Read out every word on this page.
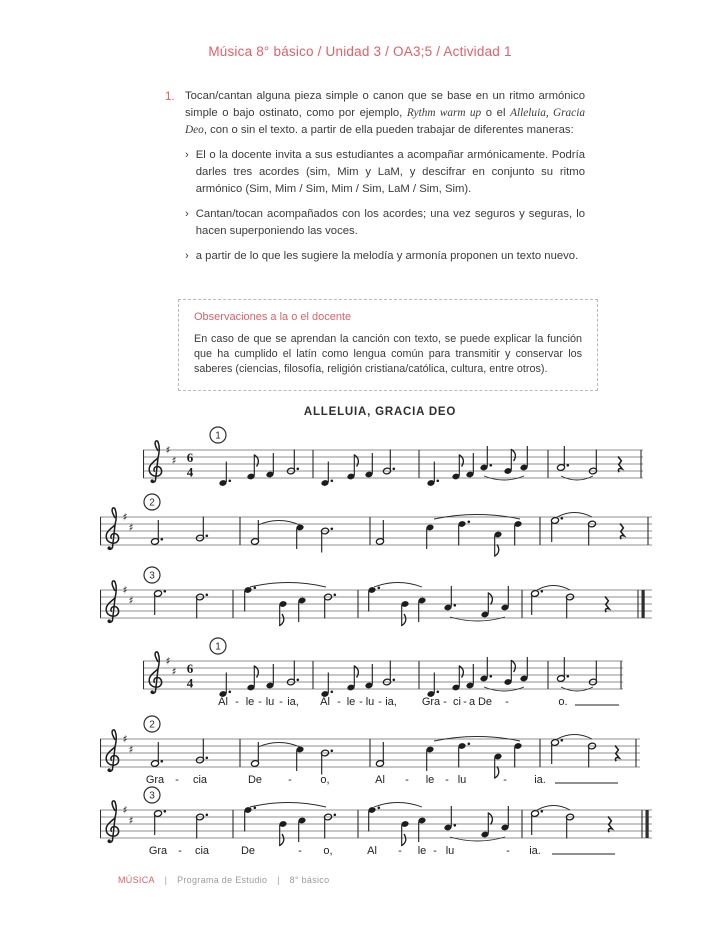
Música 8° básico / Unidad 3 / OA3;5 / Actividad 1
1. Tocan/cantan alguna pieza simple o canon que se base en un ritmo armónico simple o bajo ostinato, como por ejemplo, Rythm warm up o el Alleluia, Gracia Deo, con o sin el texto. a partir de ella pueden trabajar de diferentes maneras:

› El o la docente invita a sus estudiantes a acompañar armónicamente. Podría darles tres acordes (sim, Mim y LaM, y descifrar en conjunto su ritmo armónico (Sim, Mim / Sim, Mim / Sim, LaM / Sim, Sim).

› Cantan/tocan acompañados con los acordes; una vez seguros y seguras, lo hacen superponiendo las voces.

› a partir de lo que les sugiere la melodía y armonía proponen un texto nuevo.

Observaciones a la o el docente

En caso de que se aprendan la canción con texto, se puede explicar la función que ha cumplido el latín como lengua común para transmitir y conservar los saberes (ciencias, filosofía, religión cristiana/católica, cultura, entre otros).

ALLELUIA, GRACIA DEO
♯
♯ 6
4
1
♯
♯
2
♯
♯
3
♯
♯ 6
4
1
Al - le - lu - ia, Al - le - lu - ia, Gra - ci - a De -	o.
♯
♯
2
Gra - cia	De -	o,	Al - le - lu	- ia.
♯
♯
3
Gra - cia	De	- o,	Al - le - lu	- ia.
MÚSICA | Programa de Estudio | 8° básico
